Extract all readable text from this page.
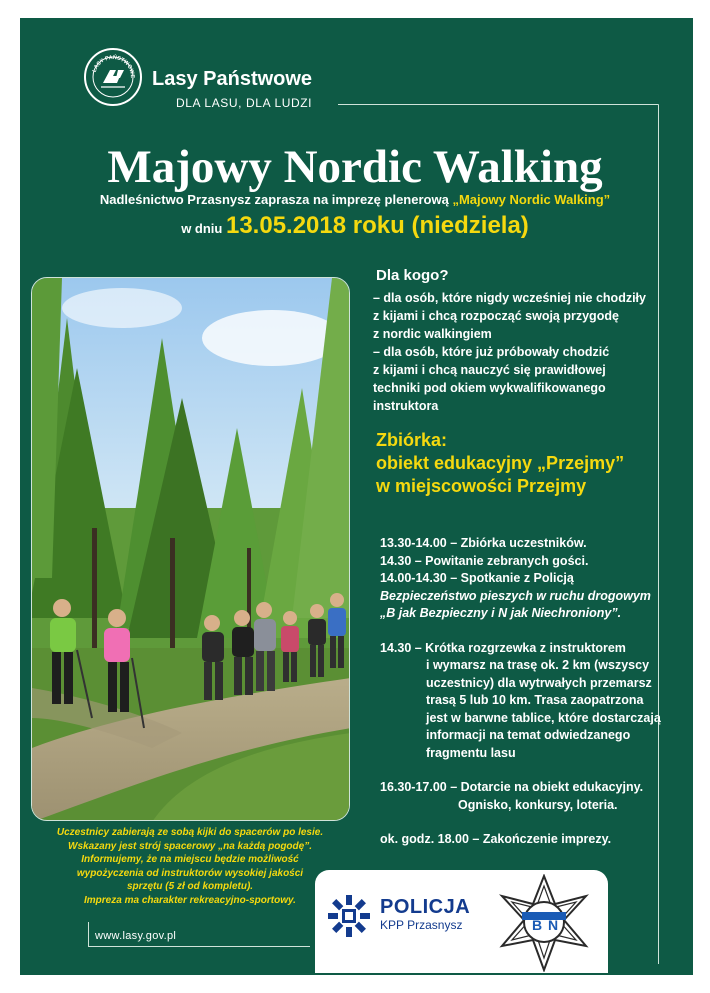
LASY PAŃSTWOWE Lasy Państwowe
DLA LASU, DLA LUDZI
Majowy Nordic Walking
Nadleśnictwo Przasnysz zaprasza na imprezę plenerową „Majowy Nordic Walking”
w dniu 13.05.2018 roku (niedziela)
Dla kogo?

– dla osób, które nigdy wcześniej nie chodziły
z kijami i chcą rozpocząć swoją przygodę
z nordic walkingiem

– dla osób, które już próbowały chodzić
z kijami i chcą nauczyć się prawidłowej
techniki pod okiem wykwalifikowanego
instruktora

Zbiórka:
obiekt edukacyjny „Przejmy”
w miejscowości Przejmy
13.30-14.00 – Zbiórka uczestników.
14.30 – Powitanie zebranych gości.
14.00-14.30 – Spotkanie z Policją
Bezpieczeństwo pieszych w ruchu drogowym
„B jak Bezpieczny i N jak Niechroniony”.
14.30 – Krótka rozgrzewka z instruktorem
i wymarsz na trasę ok. 2 km (wszyscy
uczestnicy) dla wytrwałych przemarsz
trasą 5 lub 10 km. Trasa zaopatrzona
jest w barwne tablice, które dostarczają
informacji na temat odwiedzanego
fragmentu lasu
16.30-17.00 – Dotarcie na obiekt edukacyjny.
Ognisko, konkursy, loteria.
ok. godz. 18.00 – Zakończenie imprezy.
Uczestnicy zabierają ze sobą kijki do spacerów po lesie.
Wskazany jest strój spacerowy „na każdą pogodę”.
Informujemy, że na miejscu będzie możliwość
wypożyczenia od instruktorów wysokiej jakości
sprzętu (5 zł od kompletu).
Impreza ma charakter rekreacyjno-sportowy.
www.lasy.gov.pl
POLICJA
KPP Przasnysz	B N
